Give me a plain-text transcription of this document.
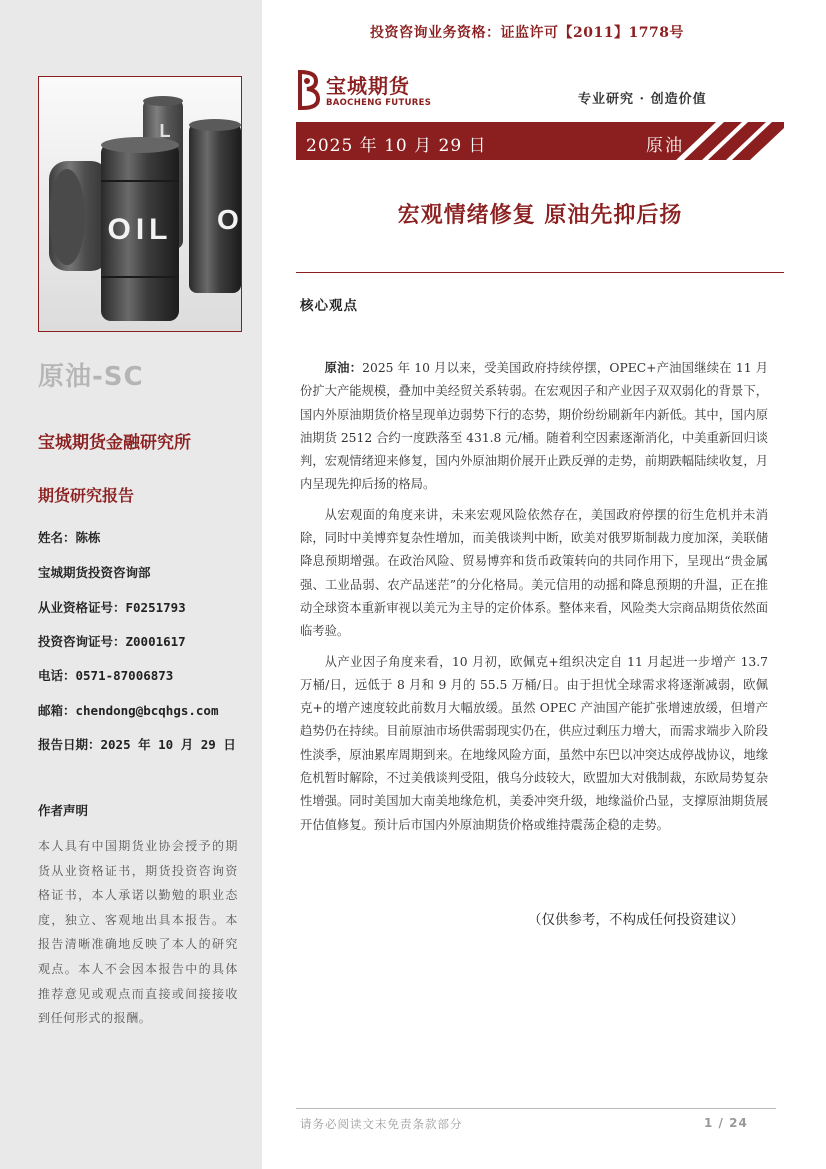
OIL O
L
原油-SC
宝城期货金融研究所
期货研究报告
姓名：陈栋
宝城期货投资咨询部
从业资格证号：F0251793
投资咨询证号：Z0001617
电话：0571-87006873
邮箱：chendong@bcqhgs.com
报告日期：2025 年 10 月 29 日
作者声明
本人具有中国期货业协会授予的期货从业资格证书，期货投资咨询资格证书，本人承诺以勤勉的职业态度，独立、客观地出具本报告。本报告清晰准确地反映了本人的研究观点。本人不会因本报告中的具体推荐意见或观点而直接或间接接收到任何形式的报酬。
投资咨询业务资格：证监许可【2011】1778号
宝城期货
BAOCHENG FUTURES	专业研究 · 创造价值
2025 年 10 月 29 日	原油
宏观情绪修复 原油先抑后扬
核心观点

原油：2025 年 10 月以来，受美国政府持续停摆，OPEC+产油国继续在 11 月份扩大产能规模，叠加中美经贸关系转弱。在宏观因子和产业因子双双弱化的背景下，国内外原油期货价格呈现单边弱势下行的态势，期价纷纷刷新年内新低。其中，国内原油期货 2512 合约一度跌落至 431.8 元/桶。随着利空因素逐渐消化，中美重新回归谈判，宏观情绪迎来修复，国内外原油期价展开止跌反弹的走势，前期跌幅陆续收复，月内呈现先抑后扬的格局。

从宏观面的角度来讲，未来宏观风险依然存在，美国政府停摆的衍生危机并未消除，同时中美博弈复杂性增加，而美俄谈判中断，欧美对俄罗斯制裁力度加深，美联储降息预期增强。在政治风险、贸易博弈和货币政策转向的共同作用下，呈现出“贵金属强、工业品弱、农产品迷茫”的分化格局。美元信用的动摇和降息预期的升温，正在推动全球资本重新审视以美元为主导的定价体系。整体来看，风险类大宗商品期货依然面临考验。

从产业因子角度来看，10 月初，欧佩克+组织决定自 11 月起进一步增产 13.7 万桶/日，远低于 8 月和 9 月的 55.5 万桶/日。由于担忧全球需求将逐渐减弱，欧佩克+的增产速度较此前数月大幅放缓。虽然 OPEC 产油国产能扩张增速放缓，但增产趋势仍在持续。目前原油市场供需弱现实仍在，供应过剩压力增大，而需求端步入阶段性淡季，原油累库周期到来。在地缘风险方面，虽然中东巴以冲突达成停战协议，地缘危机暂时解除，不过美俄谈判受阻，俄乌分歧较大，欧盟加大对俄制裁，东欧局势复杂性增强。同时美国加大南美地缘危机，美委冲突升级，地缘溢价凸显，支撑原油期货展开估值修复。预计后市国内外原油期货价格或维持震荡企稳的走势。

（仅供参考，不构成任何投资建议）
请务必阅读文末免责条款部分	1 / 24
